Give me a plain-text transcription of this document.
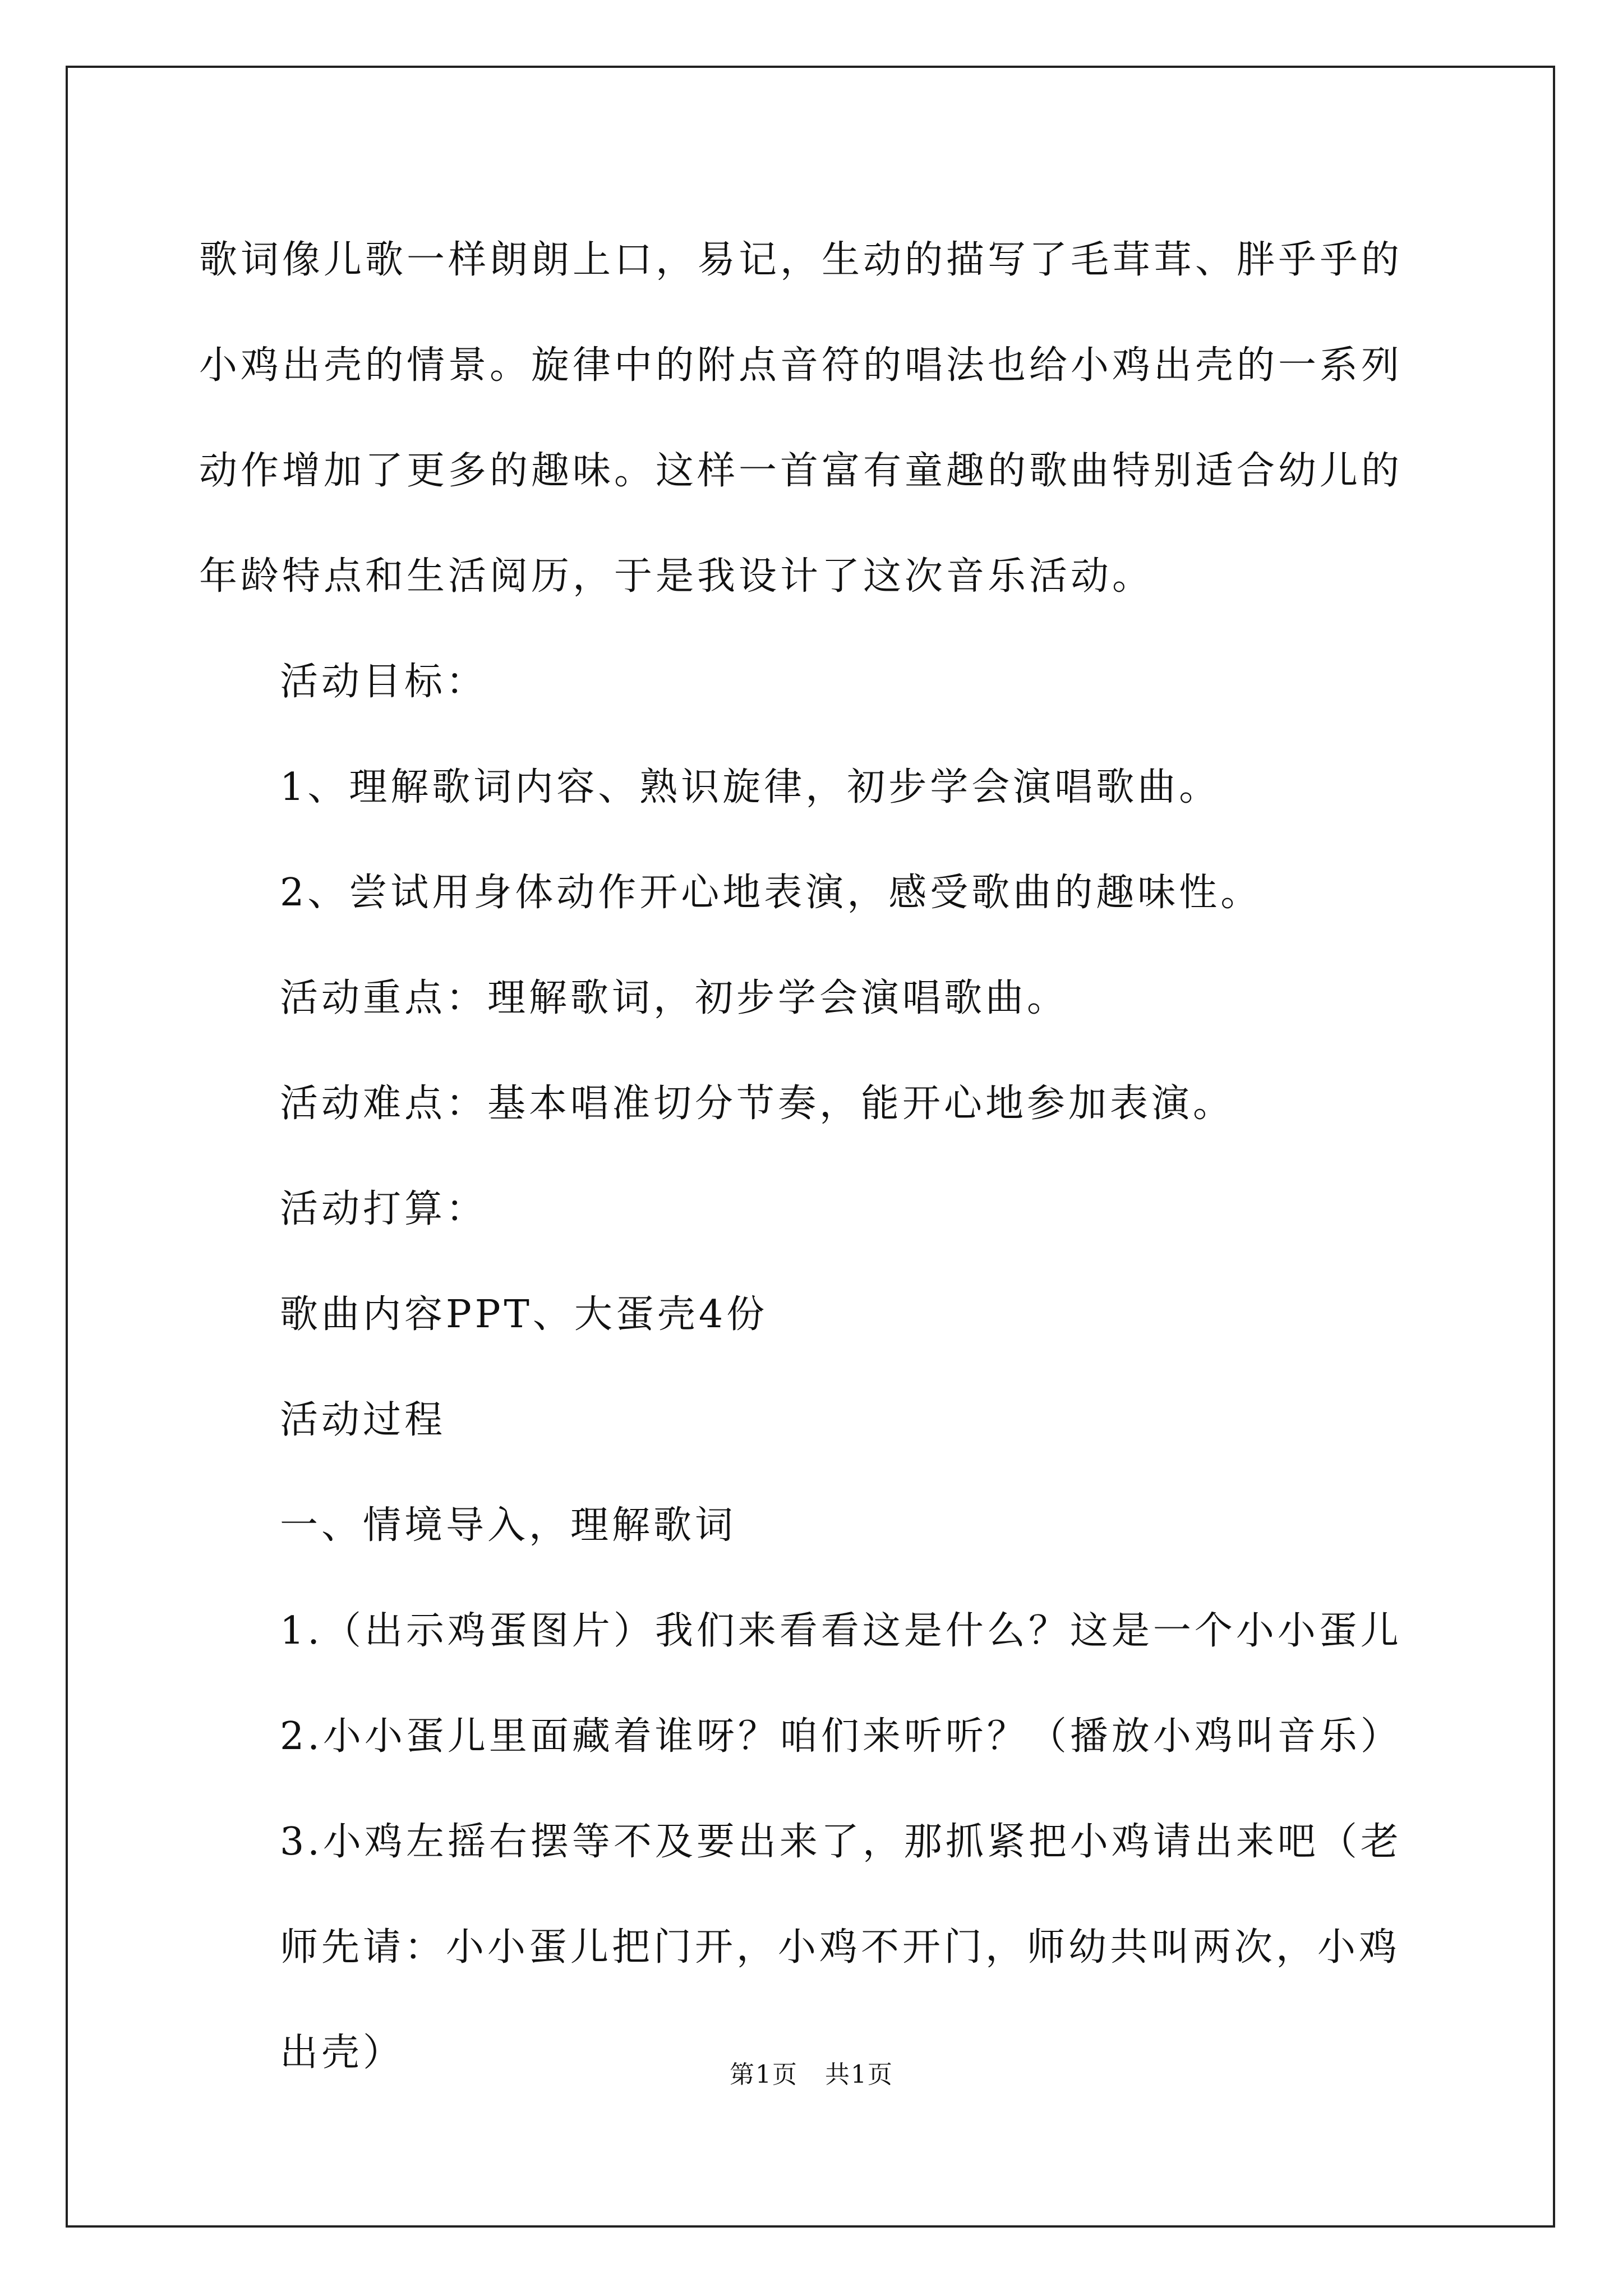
歌词像儿歌一样朗朗上口，易记，生动的描写了毛茸茸、胖乎乎的小鸡出壳的情景。旋律中的附点音符的唱法也给小鸡出壳的一系列动作增加了更多的趣味。这样一首富有童趣的歌曲特别适合幼儿的年龄特点和生活阅历，于是我设计了这次音乐活动。

活动目标：

1、理解歌词内容、熟识旋律，初步学会演唱歌曲。

2、尝试用身体动作开心地表演，感受歌曲的趣味性。

活动重点：理解歌词，初步学会演唱歌曲。

活动难点：基本唱准切分节奏，能开心地参加表演。

活动打算：

歌曲内容PPT、大蛋壳4份

活动过程

一、情境导入，理解歌词

1.（出示鸡蛋图片）我们来看看这是什么？这是一个小小蛋儿

2.小小蛋儿里面藏着谁呀？咱们来听听？（播放小鸡叫音乐）

3.小鸡左摇右摆等不及要出来了，那抓紧把小鸡请出来吧（老师先请：小小蛋儿把门开，小鸡不开门，师幼共叫两次，小鸡出壳）	第1页 共1页
